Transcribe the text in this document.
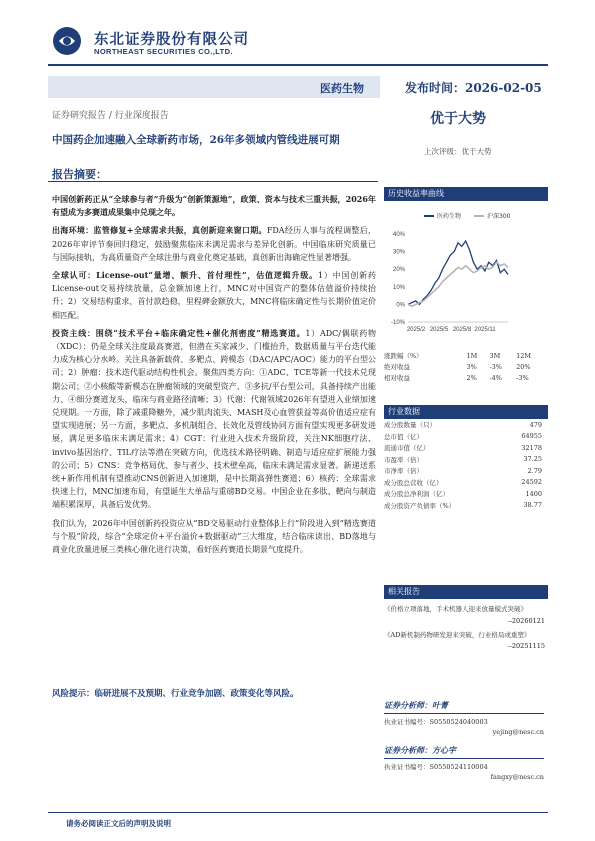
东北证券股份有限公司
NORTHEAST SECURITIES CO.,LTD.
医药生物	发布时间：2026-02-05
证券研究报告 / 行业深度报告	优于大势
中国药企加速融入全球新药市场，26年多领域内管线进展可期
上次评级：优于大势
报告摘要：

中国创新药正从“全球参与者”升级为“创新策源地”，政策、资本与技术三重共振，2026年有望成为多赛道成果集中兑现之年。

出海环境：监管修复+全球需求共振，真创新迎来窗口期。FDA经历人事与流程调整后，2026年审评节奏回归稳定，鼓励聚焦临床未满足需求与差异化创新。中国临床研究质量已与国际接轨，为高质量资产全球注册与商业化奠定基础，真创新出海确定性显著增强。

全球认可：License-out“量增、额升、首付理性”，估值逻辑升级。1）中国创新药License-out交易持续放量，总金额加速上行，MNC对中国资产的整体估值溢价持续抬升；2）交易结构重求，首付款趋稳，里程碑金额放大，MNC将临床确定性与长期价值定价相匹配。

投资主线：围绕“技术平台+临床确定性+催化剂密度”精选赛道。1）ADC/偶联药物（XDC）：仍是全球关注度最高赛道，但潜在买家减少、门槛抬升，数据质量与平台迭代能力成为核心分水岭。关注具备新载荷、多靶点、跨模态（DAC/APC/AOC）能力的平台型公司；2）肿瘤：技术迭代驱动结构性机会。聚焦四类方向：①ADC、TCE等新一代技术兑现期公司；②小核酸等新模态在肿瘤领域的突破型资产、③多抗/平台型公司，具备持续产出能力、④细分赛道龙头，临床与商业路径清晰；3）代谢：代谢领域2026年有望进入业绩加速兑现期。一方面，除了减重降糖外，减少肌肉流失、MASH及心血管获益等高价值适应症有望实现进展；另一方面，多靶点、多机制组合、长效化及管线协同方面有望实现更多研发进展，满足更多临床未满足需求；4）CGT：行业进入技术升级阶段，关注NK细胞疗法、invivo基因治疗、TIL疗法等潜在突破方向，优选技术路径明确、制造与适应症扩展能力强的公司；5）CNS：竞争格局优、参与者少、技术壁垒高，临床未满足需求显著。新递送系统+新作用机制有望推动CNS创新进入加速期，是中长期高弹性赛道；6）核药：全球需求快速上行，MNC加速布局，有望诞生大单品与重磅BD交易。中国企业在多肽、靶向与制造端积累深厚，具备后发优势。

我们认为，2026年中国创新药投资应从“BD交易驱动行业整体β上行”阶段进入到“精选赛道与个股”阶段，综合“全球定价+平台溢价+数据驱动”三大维度，结合临床读出、BD落地与商业化放量进展三类核心催化进行决策，看好医药赛道长期景气度提升。

风险提示：临研进展不及预期、行业竞争加剧、政策变化等风险。
历史收益率曲线
40%
30%
20%
10%
0%
-10%
2025/2 2025/5 2025/8 2025/11
医药生物	沪深300
涨跌幅（%）	1M	3M	12M
绝对收益	3%	-3%	20%
相对收益	2%	-4%	-3%
行业数据
成分股数量（只）	479
总市值（亿）	64955
流通市值（亿）	32178
市盈率（倍）	37.25
市净率（倍）	2.79
成分股总营收（亿）	24592
成分股总净利润（亿）	1400
成分股资产负债率（%）	38.77
相关报告
《价格立项落地，手术机器人迎来放量模式突破》
--20260121
《AD新机制药物研发迎来突破，行业格局或重塑》
--20251115
证券分析师：叶菁
执业证书编号：S0550524040003
yejing@nesc.cn
证券分析师：方心宇
执业证书编号：S0550524110004
fangxy@nesc.cn
请务必阅读正文后的声明及说明
